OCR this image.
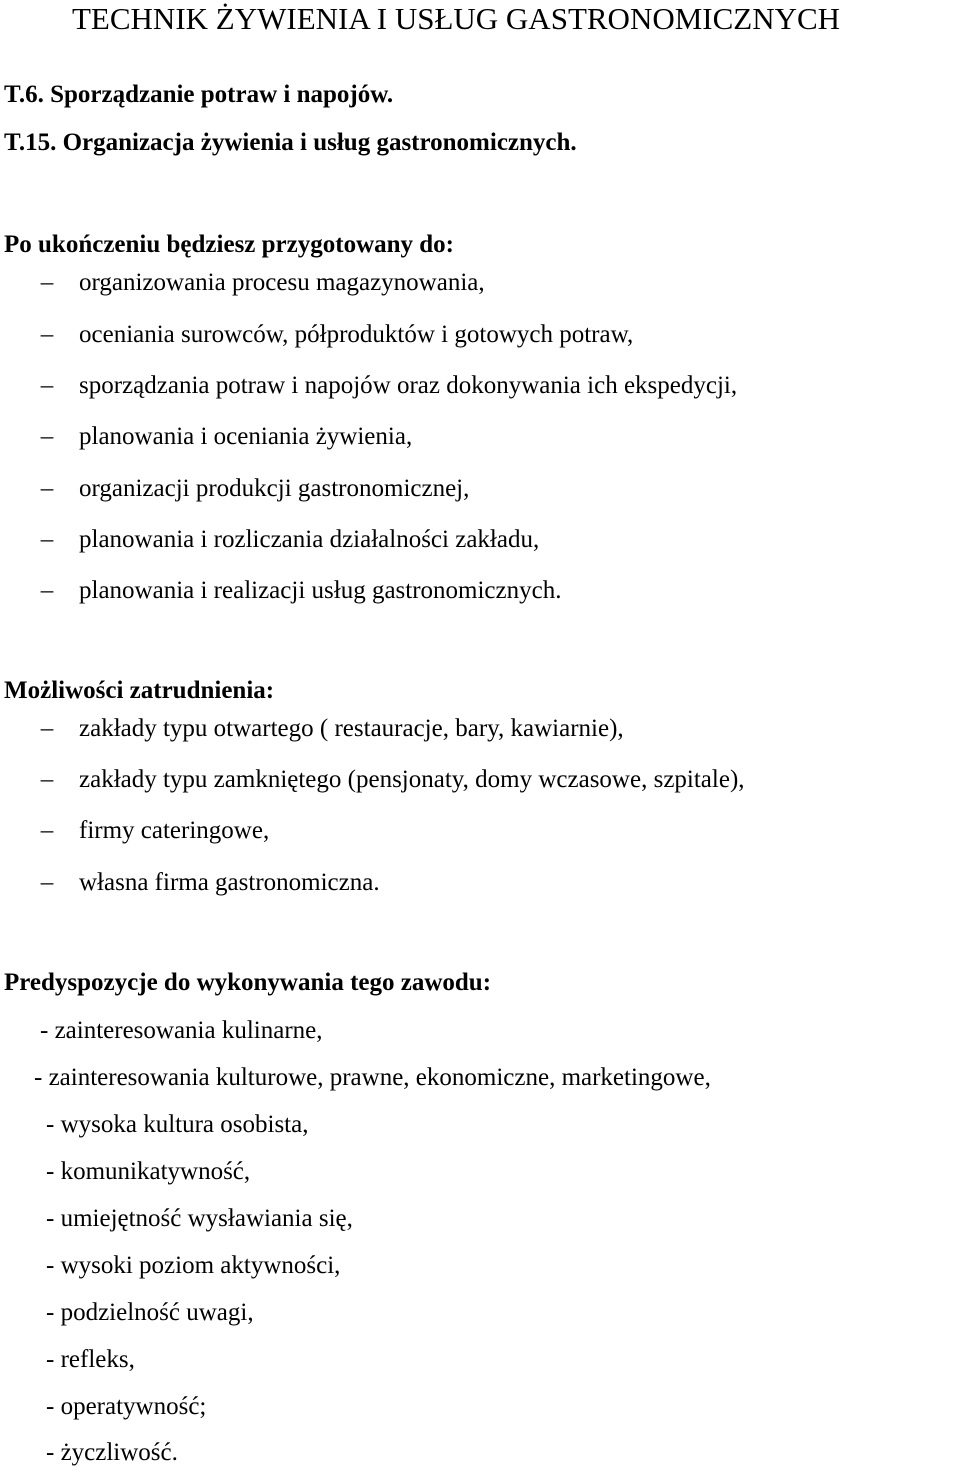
TECHNIK ŻYWIENIA I USŁUG GASTRONOMICZNYCH

T.6. Sporządzanie potraw i napojów.

T.15. Organizacja żywienia i usług gastronomicznych.

Po ukończeniu będziesz przygotowany do:

– organizowania procesu magazynowania,
– oceniania surowców, półproduktów i gotowych potraw,
– sporządzania potraw i napojów oraz dokonywania ich ekspedycji,
– planowania i oceniania żywienia,
– organizacji produkcji gastronomicznej,
– planowania i rozliczania działalności zakładu,
– planowania i realizacji usług gastronomicznych.

Możliwości zatrudnienia:

– zakłady typu otwartego ( restauracje, bary, kawiarnie),
– zakłady typu zamkniętego (pensjonaty, domy wczasowe, szpitale),
– firmy cateringowe,
– własna firma gastronomiczna.

Predyspozycje do wykonywania tego zawodu:

- zainteresowania kulinarne,
- zainteresowania kulturowe, prawne, ekonomiczne, marketingowe,
- wysoka kultura osobista,
- komunikatywność,
- umiejętność wysławiania się,
- wysoki poziom aktywności,
- podzielność uwagi,
- refleks,
- operatywność;
- życzliwość.
